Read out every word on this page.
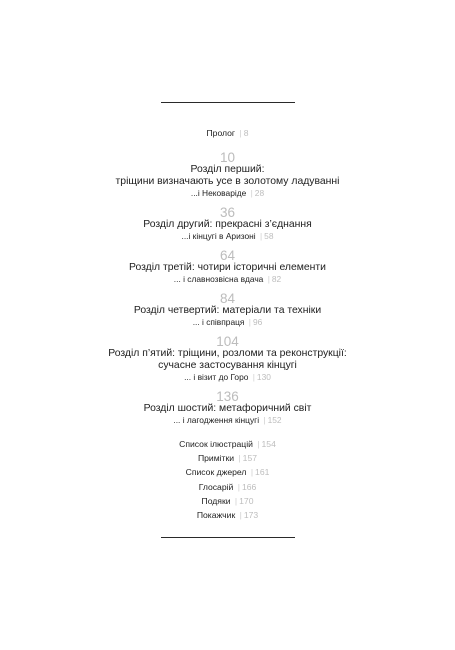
Пролог | 8
10
Розділ перший:
тріщини визначають усе в золотому ладуванні
...і Нековаріде | 28
36
Розділ другий: прекрасні з’єднання
...і кінцугі в Аризоні | 58
64
Розділ третій: чотири історичні елементи
... і славнозвісна вдача | 82
84
Розділ четвертий: матеріали та техніки
... і співпраця | 96
104
Розділ п’ятий: тріщини, розломи та реконструкції:
сучасне застосування кінцугі
... і візит до Горо | 130
136
Розділ шостий: метафоричний світ
... і лагодження кінцугі | 152
Список ілюстрацій | 154
Примітки | 157
Список джерел | 161
Глосарій | 166
Подяки | 170
Покажчик | 173
